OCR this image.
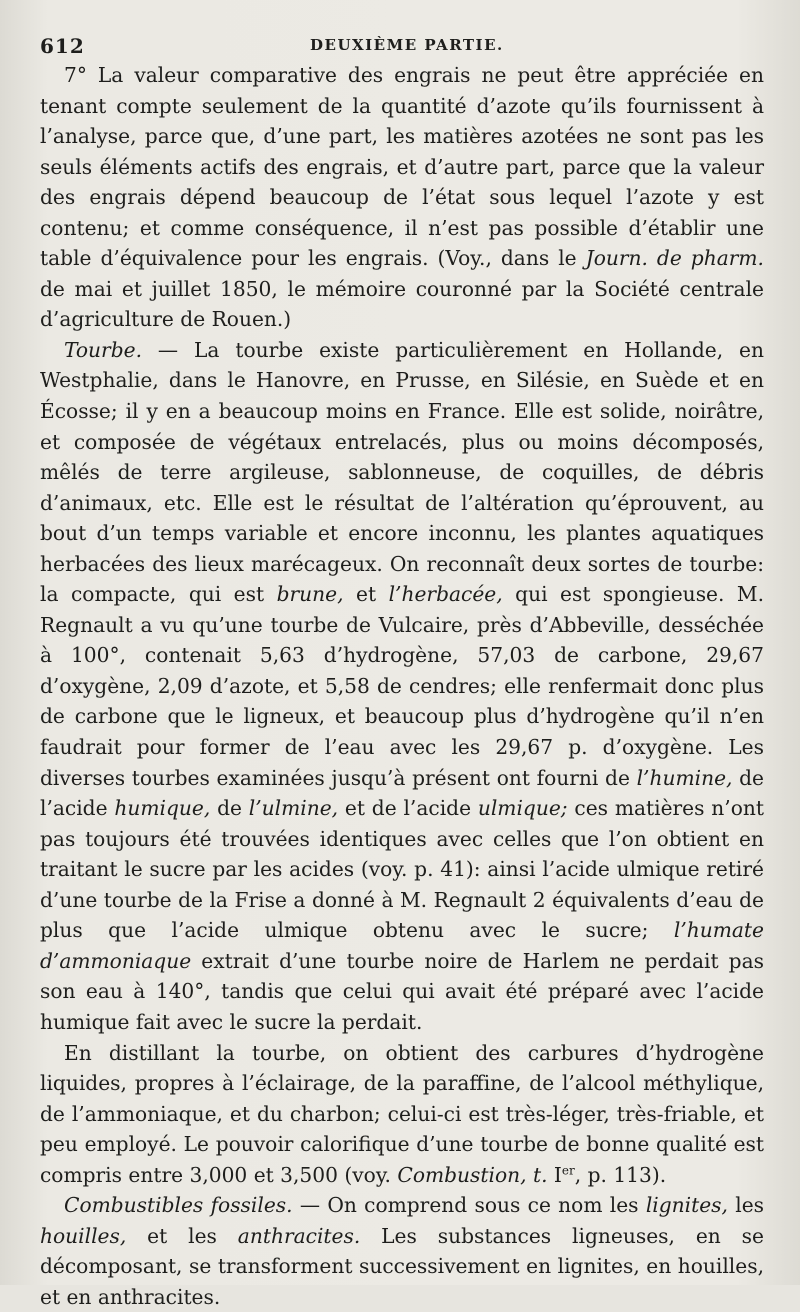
612	DEUXIÈME PARTIE.

7° La valeur comparative des engrais ne peut être appréciée en tenant compte seulement de la quantité d’azote qu’ils fournissent à l’analyse, parce que, d’une part, les matières azotées ne sont pas les seuls éléments actifs des engrais, et d’autre part, parce que la valeur des engrais dépend beaucoup de l’état sous lequel l’azote y est contenu; et comme conséquence, il n’est pas possible d’établir une table d’équivalence pour les engrais. (Voy., dans le Journ. de pharm. de mai et juillet 1850, le mémoire couronné par la Société centrale d’agriculture de Rouen.)

Tourbe. — La tourbe existe particulièrement en Hollande, en Westphalie, dans le Hanovre, en Prusse, en Silésie, en Suède et en Écosse; il y en a beaucoup moins en France. Elle est solide, noirâtre, et composée de végétaux entrelacés, plus ou moins décomposés, mêlés de terre argileuse, sablonneuse, de coquilles, de débris d’animaux, etc. Elle est le résultat de l’altération qu’éprouvent, au bout d’un temps variable et encore inconnu, les plantes aquatiques herbacées des lieux marécageux. On reconnaît deux sortes de tourbe: la compacte, qui est brune, et l’herbacée, qui est spongieuse. M. Regnault a vu qu’une tourbe de Vulcaire, près d’Abbeville, desséchée à 100°, contenait 5,63 d’hydrogène, 57,03 de carbone, 29,67 d’oxygène, 2,09 d’azote, et 5,58 de cendres; elle renfermait donc plus de carbone que le ligneux, et beaucoup plus d’hydrogène qu’il n’en faudrait pour former de l’eau avec les 29,67 p. d’oxygène. Les diverses tourbes examinées jusqu’à présent ont fourni de l’humine, de l’acide humique, de l’ulmine, et de l’acide ulmique; ces matières n’ont pas toujours été trouvées identiques avec celles que l’on obtient en traitant le sucre par les acides (voy. p. 41): ainsi l’acide ulmique retiré d’une tourbe de la Frise a donné à M. Regnault 2 équivalents d’eau de plus que l’acide ulmique obtenu avec le sucre; l’humate d’ammoniaque extrait d’une tourbe noire de Harlem ne perdait pas son eau à 140°, tandis que celui qui avait été préparé avec l’acide humique fait avec le sucre la perdait.

En distillant la tourbe, on obtient des carbures d’hydrogène liquides, propres à l’éclairage, de la paraffine, de l’alcool méthylique, de l’ammoniaque, et du charbon; celui-ci est très-léger, très-friable, et peu employé. Le pouvoir calorifique d’une tourbe de bonne qualité est compris entre 3,000 et 3,500 (voy. Combustion, t. Ier, p. 113).

Combustibles fossiles. — On comprend sous ce nom les lignites, les houilles, et les anthracites. Les substances ligneuses, en se décomposant, se transforment successivement en lignites, en houilles, et en anthracites.
